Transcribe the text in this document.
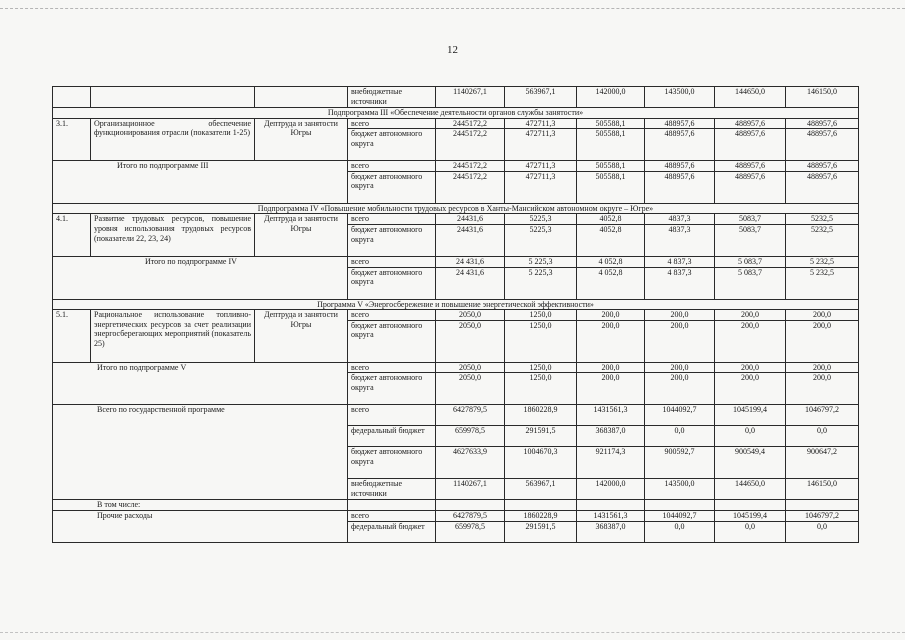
12
			внебюджетные источники	1140267,1	563967,1	142000,0	143500,0	144650,0	146150,0
Подпрограмма III «Обеспечение деятельности органов службы занятости»									
3.1.	Организационное обеспечение функционирования отрасли (показатели 1-25)	Дептруда и занятости Югры	всего	2445172,2	472711,3	505588,1	488957,6	488957,6	488957,6
			бюджет автономного округа	2445172,2	472711,3	505588,1	488957,6	488957,6	488957,6
Итого по подпрограмме III			всего	2445172,2	472711,3	505588,1	488957,6	488957,6	488957,6
			бюджет автономного округа	2445172,2	472711,3	505588,1	488957,6	488957,6	488957,6
Подпрограмма IV «Повышение мобильности трудовых ресурсов в Ханты-Мансийском автономном округе – Югре»									
4.1.	Развитие трудовых ресурсов, повышение уровня использования трудовых ресурсов (показатели 22, 23, 24)	Дептруда и занятости Югры	всего	24431,6	5225,3	4052,8	4837,3	5083,7	5232,5
			бюджет автономного округа	24431,6	5225,3	4052,8	4837,3	5083,7	5232,5
Итого по подпрограмме IV			всего	24 431,6	5 225,3	4 052,8	4 837,3	5 083,7	5 232,5
			бюджет автономного округа	24 431,6	5 225,3	4 052,8	4 837,3	5 083,7	5 232,5
Программа V «Энергосбережение и повышение энергетической эффективности»									
5.1.	Рациональное использование топливно-энергетических ресурсов за счет реализации энергосберегающих мероприятий (показатель 25)	Дептруда и занятости Югры	всего	2050,0	1250,0	200,0	200,0	200,0	200,0
			бюджет автономного округа	2050,0	1250,0	200,0	200,0	200,0	200,0
Итого по подпрограмме V			всего	2050,0	1250,0	200,0	200,0	200,0	200,0
			бюджет автономного округа	2050,0	1250,0	200,0	200,0	200,0	200,0
Всего по государственной программе			всего	6427879,5	1860228,9	1431561,3	1044092,7	1045199,4	1046797,2
			федеральный бюджет	659978,5	291591,5	368387,0	0,0	0,0	0,0
			бюджет автономного округа	4627633,9	1004670,3	921174,3	900592,7	900549,4	900647,2
			внебюджетные источники	1140267,1	563967,1	142000,0	143500,0	144650,0	146150,0
В том числе:									
Прочие расходы			всего	6427879,5	1860228,9	1431561,3	1044092,7	1045199,4	1046797,2
			федеральный бюджет	659978,5	291591,5	368387,0	0,0	0,0	0,0
